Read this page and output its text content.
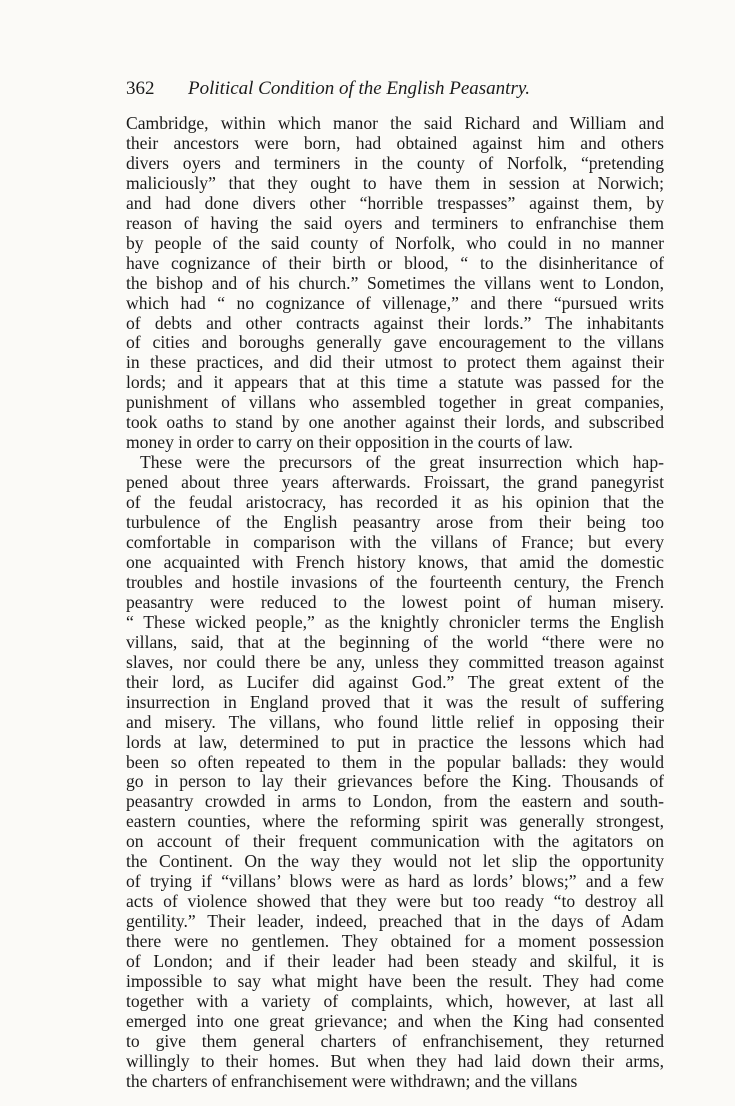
362 Political Condition of the English Peasantry.

Cambridge, within which manor the said Richard and William and
their ancestors were born, had obtained against him and others
divers oyers and terminers in the county of Norfolk, “pretending
maliciously” that they ought to have them in session at Norwich;
and had done divers other “horrible trespasses” against them, by
reason of having the said oyers and terminers to enfranchise them
by people of the said county of Norfolk, who could in no manner
have cognizance of their birth or blood, “ to the disinheritance of
the bishop and of his church.” Sometimes the villans went to London,
which had “ no cognizance of villenage,” and there “pursued writs
of debts and other contracts against their lords.” The inhabitants
of cities and boroughs generally gave encouragement to the villans
in these practices, and did their utmost to protect them against their
lords; and it appears that at this time a statute was passed for the
punishment of villans who assembled together in great companies,
took oaths to stand by one another against their lords, and subscribed
money in order to carry on their opposition in the courts of law.

These were the precursors of the great insurrection which hap-
pened about three years afterwards. Froissart, the grand panegyrist
of the feudal aristocracy, has recorded it as his opinion that the
turbulence of the English peasantry arose from their being too
comfortable in comparison with the villans of France; but every
one acquainted with French history knows, that amid the domestic
troubles and hostile invasions of the fourteenth century, the French
peasantry were reduced to the lowest point of human misery.
“ These wicked people,” as the knightly chronicler terms the English
villans, said, that at the beginning of the world “there were no
slaves, nor could there be any, unless they committed treason against
their lord, as Lucifer did against God.” The great extent of the
insurrection in England proved that it was the result of suffering
and misery. The villans, who found little relief in opposing their
lords at law, determined to put in practice the lessons which had
been so often repeated to them in the popular ballads: they would
go in person to lay their grievances before the King. Thousands of
peasantry crowded in arms to London, from the eastern and south-
eastern counties, where the reforming spirit was generally strongest,
on account of their frequent communication with the agitators on
the Continent. On the way they would not let slip the opportunity
of trying if “villans’ blows were as hard as lords’ blows;” and a few
acts of violence showed that they were but too ready “to destroy all
gentility.” Their leader, indeed, preached that in the days of Adam
there were no gentlemen. They obtained for a moment possession
of London; and if their leader had been steady and skilful, it is
impossible to say what might have been the result. They had come
together with a variety of complaints, which, however, at last all
emerged into one great grievance; and when the King had consented
to give them general charters of enfranchisement, they returned
willingly to their homes. But when they had laid down their arms,
the charters of enfranchisement were withdrawn; and the villans
